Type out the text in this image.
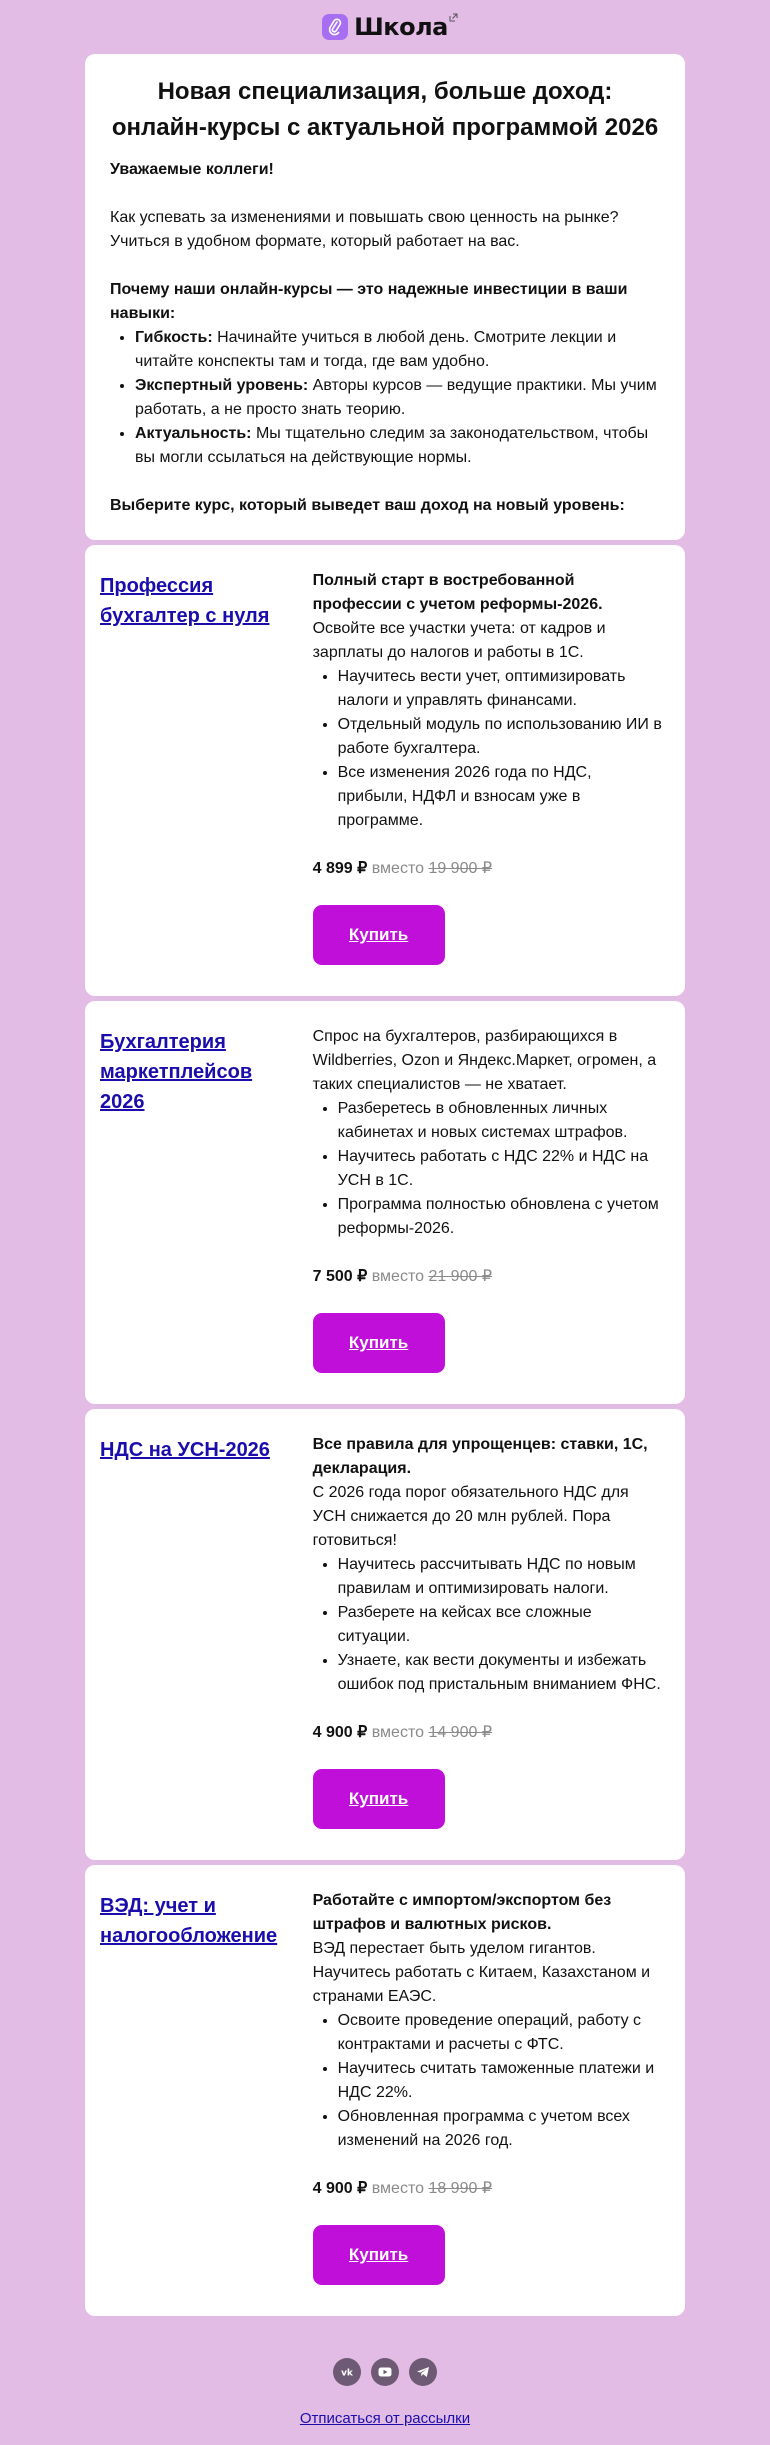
Школа
Новая специализация, больше доход: онлайн-курсы с актуальной программой 2026

Уважаемые коллеги!

Как успевать за изменениями и повышать свою ценность на рынке? Учиться в удобном формате, который работает на вас.

Почему наши онлайн-курсы — это надежные инвестиции в ваши навыки:

• Гибкость: Начинайте учиться в любой день. Смотрите лекции и читайте конспекты там и тогда, где вам удобно.
• Экспертный уровень: Авторы курсов — ведущие практики. Мы учим работать, а не просто знать теорию.
• Актуальность: Мы тщательно следим за законодательством, чтобы вы могли ссылаться на действующие нормы.

Выберите курс, который выведет ваш доход на новый уровень:

Профессия бухгалтер с нуля

Полный старт в востребованной профессии с учетом реформы-2026.

Освойте все участки учета: от кадров и зарплаты до налогов и работы в 1С.

• Научитесь вести учет, оптимизировать налоги и управлять финансами.
• Отдельный модуль по использованию ИИ в работе бухгалтера.
• Все изменения 2026 года по НДС, прибыли, НДФЛ и взносам уже в программе.

4 899 ₽ вместо 19 900 ₽

Купить
Бухгалтерия маркетплейсов 2026

Спрос на бухгалтеров, разбирающихся в Wildberries, Ozon и Яндекс.Маркет, огромен, а таких специалистов — не хватает.

• Разберетесь в обновленных личных кабинетах и новых системах штрафов.
• Научитесь работать с НДС 22% и НДС на УСН в 1С.
• Программа полностью обновлена с учетом реформы-2026.

7 500 ₽ вместо 21 900 ₽

Купить
НДС на УСН-2026	Все правила для упрощенцев: ставки, 1С, декларация.

С 2026 года порог обязательного НДС для УСН снижается до 20 млн рублей. Пора готовиться!

• Научитесь рассчитывать НДС по новым правилам и оптимизировать налоги.
• Разберете на кейсах все сложные ситуации.
• Узнаете, как вести документы и избежать ошибок под пристальным вниманием ФНС.

4 900 ₽ вместо 14 900 ₽

Купить
ВЭД: учет и налогообложение

Работайте с импортом/экспортом без штрафов и валютных рисков.

ВЭД перестает быть уделом гигантов. Научитесь работать с Китаем, Казахстаном и странами ЕАЭС.

• Освоите проведение операций, работу с контрактами и расчеты с ФТС.
• Научитесь считать таможенные платежи и НДС 22%.
• Обновленная программа с учетом всех изменений на 2026 год.

4 900 ₽ вместо 18 990 ₽

Купить
vk
Отписаться от рассылки
